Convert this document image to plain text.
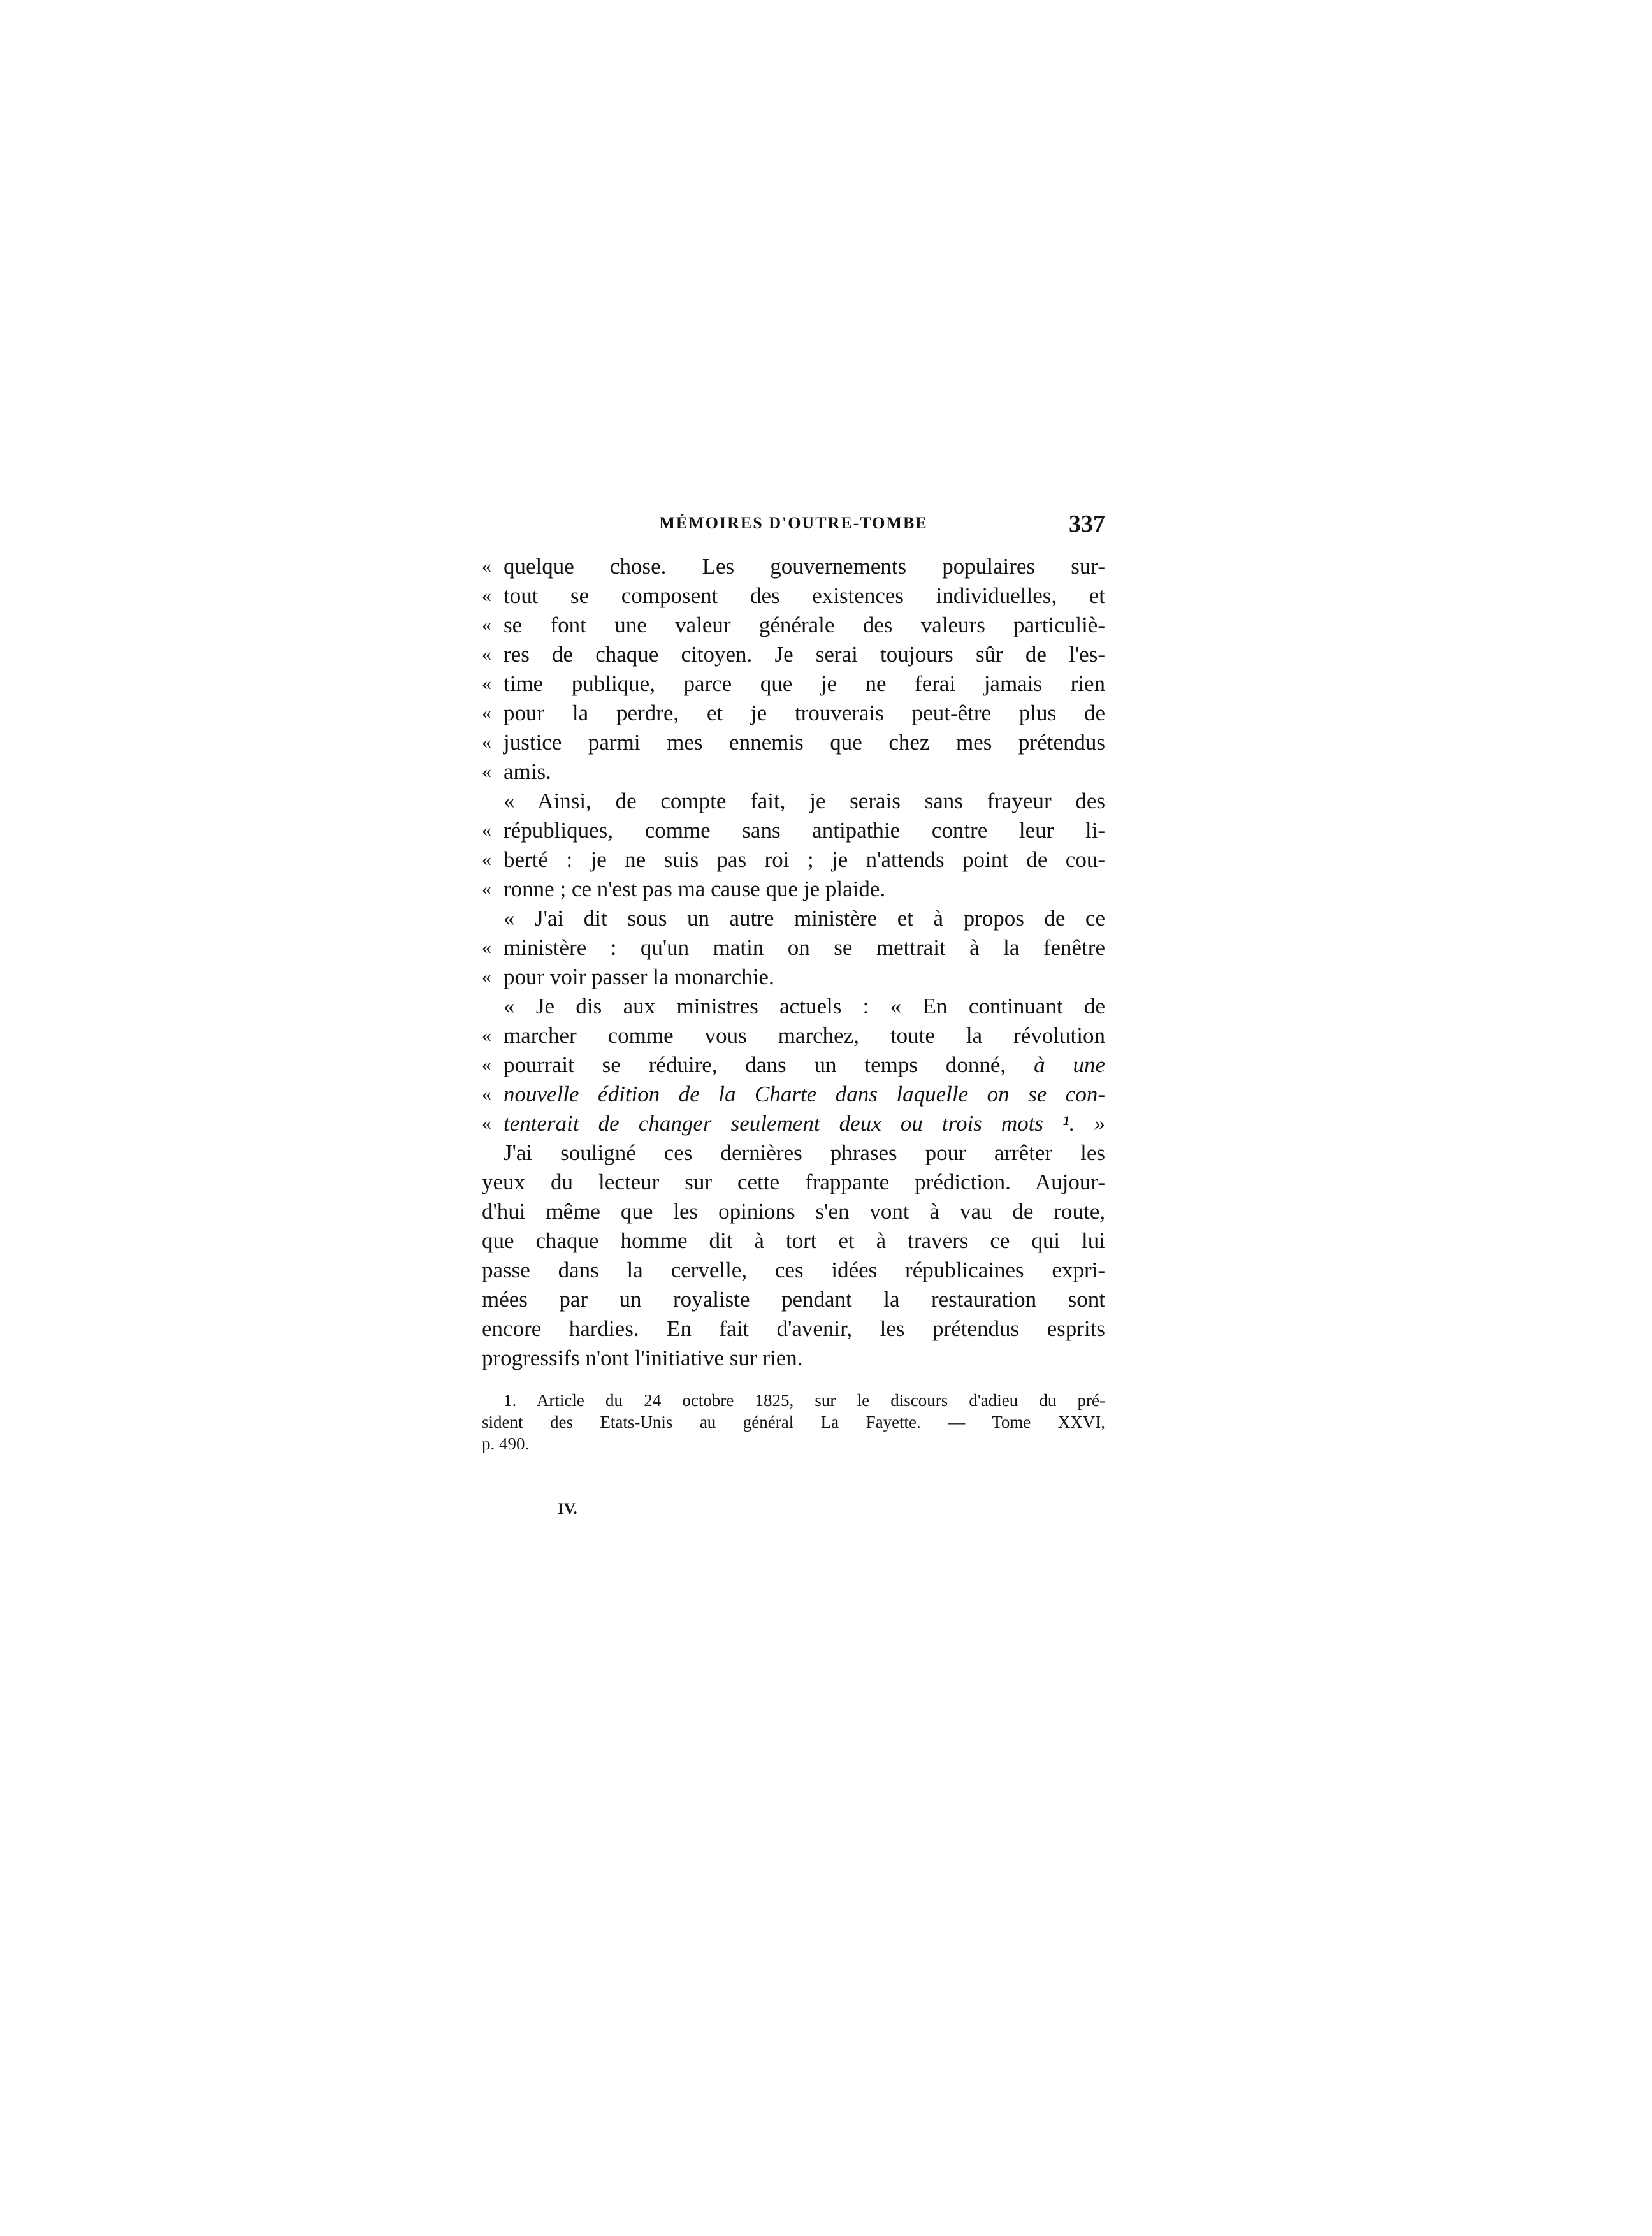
MÉMOIRES D'OUTRE-TOMBE	337
« quelque chose. Les gouvernements populaires sur-
« tout se composent des existences individuelles, et
« se font une valeur générale des valeurs particuliè-
« res de chaque citoyen. Je serai toujours sûr de l'es-
« time publique, parce que je ne ferai jamais rien
« pour la perdre, et je trouverais peut-être plus de
« justice parmi mes ennemis que chez mes prétendus
« amis.
« Ainsi, de compte fait, je serais sans frayeur des
« républiques, comme sans antipathie contre leur li-
« berté : je ne suis pas roi ; je n'attends point de cou-
« ronne ; ce n'est pas ma cause que je plaide.
« J'ai dit sous un autre ministère et à propos de ce
« ministère : qu'un matin on se mettrait à la fenêtre
« pour voir passer la monarchie.
« Je dis aux ministres actuels : « En continuant de
« marcher comme vous marchez, toute la révolution
« pourrait se réduire, dans un temps donné, à une
« nouvelle édition de la Charte dans laquelle on se con-
« tenterait de changer seulement deux ou trois mots ¹. »
J'ai souligné ces dernières phrases pour arrêter les
yeux du lecteur sur cette frappante prédiction. Aujour-
d'hui même que les opinions s'en vont à vau de route,
que chaque homme dit à tort et à travers ce qui lui
passe dans la cervelle, ces idées républicaines expri-
mées par un royaliste pendant la restauration sont
encore hardies. En fait d'avenir, les prétendus esprits
progressifs n'ont l'initiative sur rien.
1. Article du 24 octobre 1825, sur le discours d'adieu du pré-
sident des Etats-Unis au général La Fayette. — Tome XXVI,
p. 490.
IV.
